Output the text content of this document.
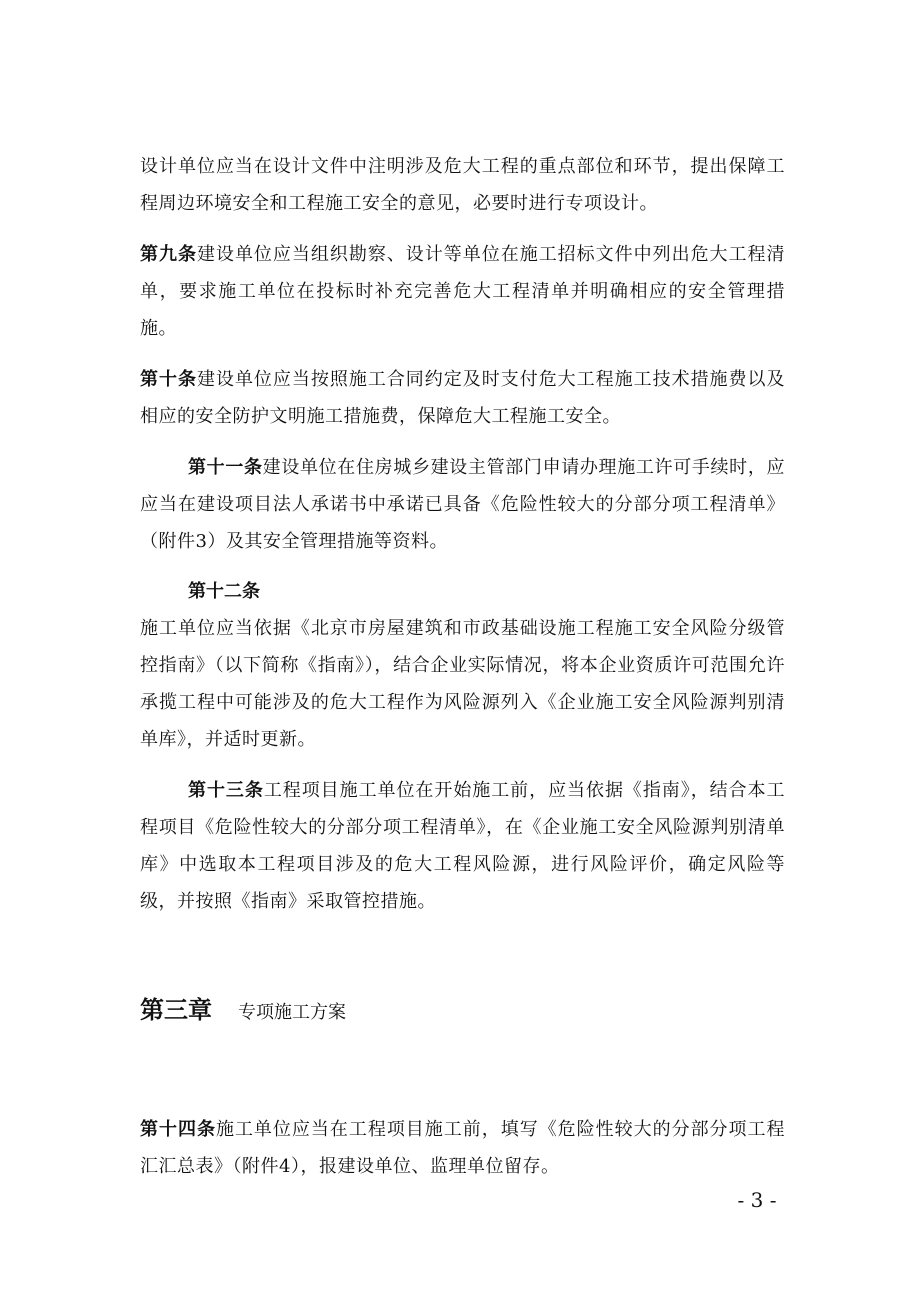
设计单位应当在设计文件中注明涉及危大工程的重点部位和环节，提出保障工程周边环境安全和工程施工安全的意见，必要时进行专项设计。

第九条建设单位应当组织勘察、设计等单位在施工招标文件中列出危大工程清单，要求施工单位在投标时补充完善危大工程清单并明确相应的安全管理措施。

第十条建设单位应当按照施工合同约定及时支付危大工程施工技术措施费以及相应的安全防护文明施工措施费，保障危大工程施工安全。

第十一条建设单位在住房城乡建设主管部门申请办理施工许可手续时，应应当在建设项目法人承诺书中承诺已具备《危险性较大的分部分项工程清单》（附件3）及其安全管理措施等资料。

第十二条

施工单位应当依据《北京市房屋建筑和市政基础设施工程施工安全风险分级管控指南》（以下简称《指南》），结合企业实际情况，将本企业资质许可范围允许承揽工程中可能涉及的危大工程作为风险源列入《企业施工安全风险源判别清单库》，并适时更新。

第十三条工程项目施工单位在开始施工前，应当依据《指南》，结合本工程项目《危险性较大的分部分项工程清单》，在《企业施工安全风险源判别清单库》中选取本工程项目涉及的危大工程风险源，进行风险评价，确定风险等级，并按照《指南》采取管控措施。

第三章 专项施工方案

第十四条施工单位应当在工程项目施工前，填写《危险性较大的分部分项工程汇汇总表》（附件4），报建设单位、监理单位留存。

- 3 -
